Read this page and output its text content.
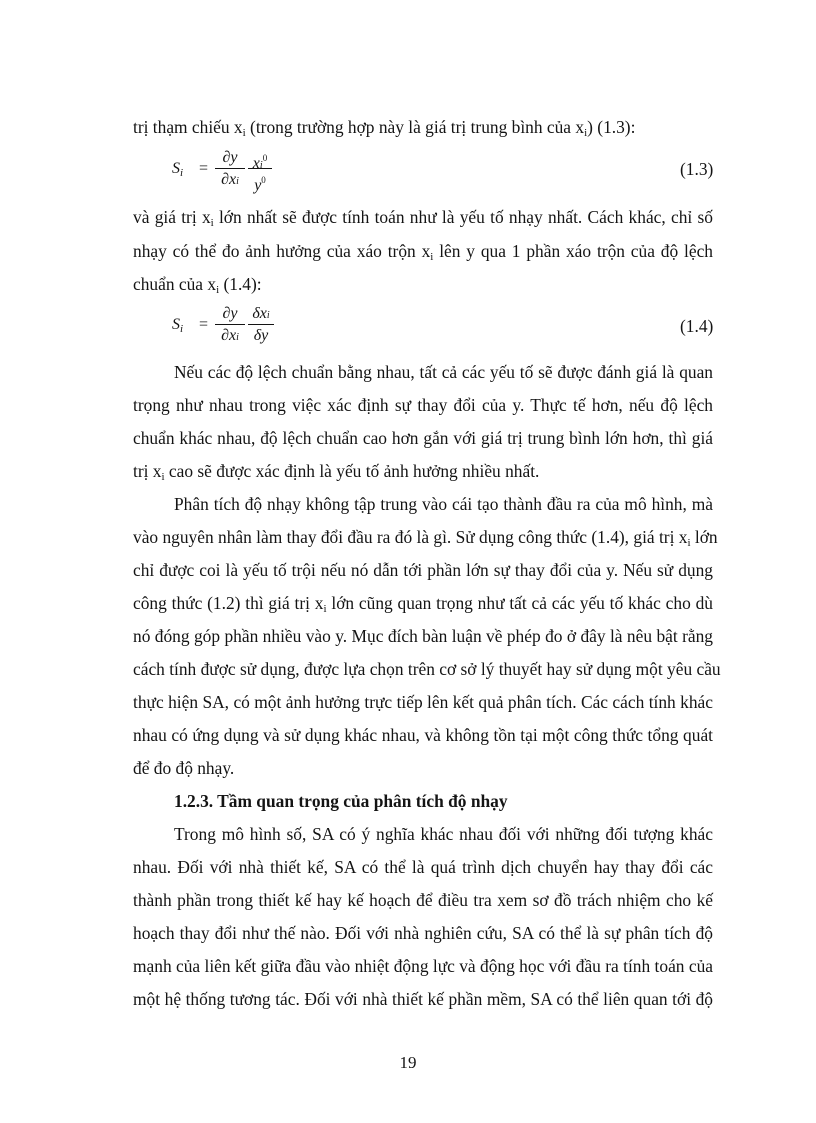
trị thạm chiếu $x_i$ (trong trường hợp này là giá trị trung bình của $x_i$) (1.3):
Si =
∂y
∂xi
$xi^0$
$y^0$
(1.3)
và giá trị $x_i$ lớn nhất sẽ được tính toán như là yếu tố nhạy nhất. Cách khác, chỉ số
nhạy có thể đo ảnh hưởng của xáo trộn $x_i$ lên y qua 1 phần xáo trộn của độ lệch
chuẩn của $x_i$ (1.4):
Si =
∂y
∂xi
δxi
δy	(1.4)
Nếu các độ lệch chuẩn bằng nhau, tất cả các yếu tố sẽ được đánh giá là quan
trọng như nhau trong việc xác định sự thay đổi của y. Thực tế hơn, nếu độ lệch
chuẩn khác nhau, độ lệch chuẩn cao hơn gắn với giá trị trung bình lớn hơn, thì giá
trị $x_i$ cao sẽ được xác định là yếu tố ảnh hưởng nhiều nhất.
Phân tích độ nhạy không tập trung vào cái tạo thành đầu ra của mô hình, mà
vào nguyên nhân làm thay đổi đầu ra đó là gì. Sử dụng công thức (1.4), giá trị $x_i$ lớn
chỉ được coi là yếu tố trội nếu nó dẫn tới phần lớn sự thay đổi của y. Nếu sử dụng
công thức (1.2) thì giá trị $x_i$ lớn cũng quan trọng như tất cả các yếu tố khác cho dù
nó đóng góp phần nhiều vào y. Mục đích bàn luận về phép đo ở đây là nêu bật rằng
cách tính được sử dụng, được lựa chọn trên cơ sở lý thuyết hay sử dụng một yêu cầu
thực hiện SA, có một ảnh hưởng trực tiếp lên kết quả phân tích. Các cách tính khác
nhau có ứng dụng và sử dụng khác nhau, và không tồn tại một công thức tổng quát
để đo độ nhạy.
1.2.3. Tầm quan trọng của phân tích độ nhạy
Trong mô hình số, SA có ý nghĩa khác nhau đối với những đối tượng khác
nhau. Đối với nhà thiết kế, SA có thể là quá trình dịch chuyển hay thay đổi các
thành phần trong thiết kế hay kế hoạch để điều tra xem sơ đồ trách nhiệm cho kế
hoạch thay đổi như thế nào. Đối với nhà nghiên cứu, SA có thể là sự phân tích độ
mạnh của liên kết giữa đầu vào nhiệt động lực và động học với đầu ra tính toán của
một hệ thống tương tác. Đối với nhà thiết kế phần mềm, SA có thể liên quan tới độ
19
